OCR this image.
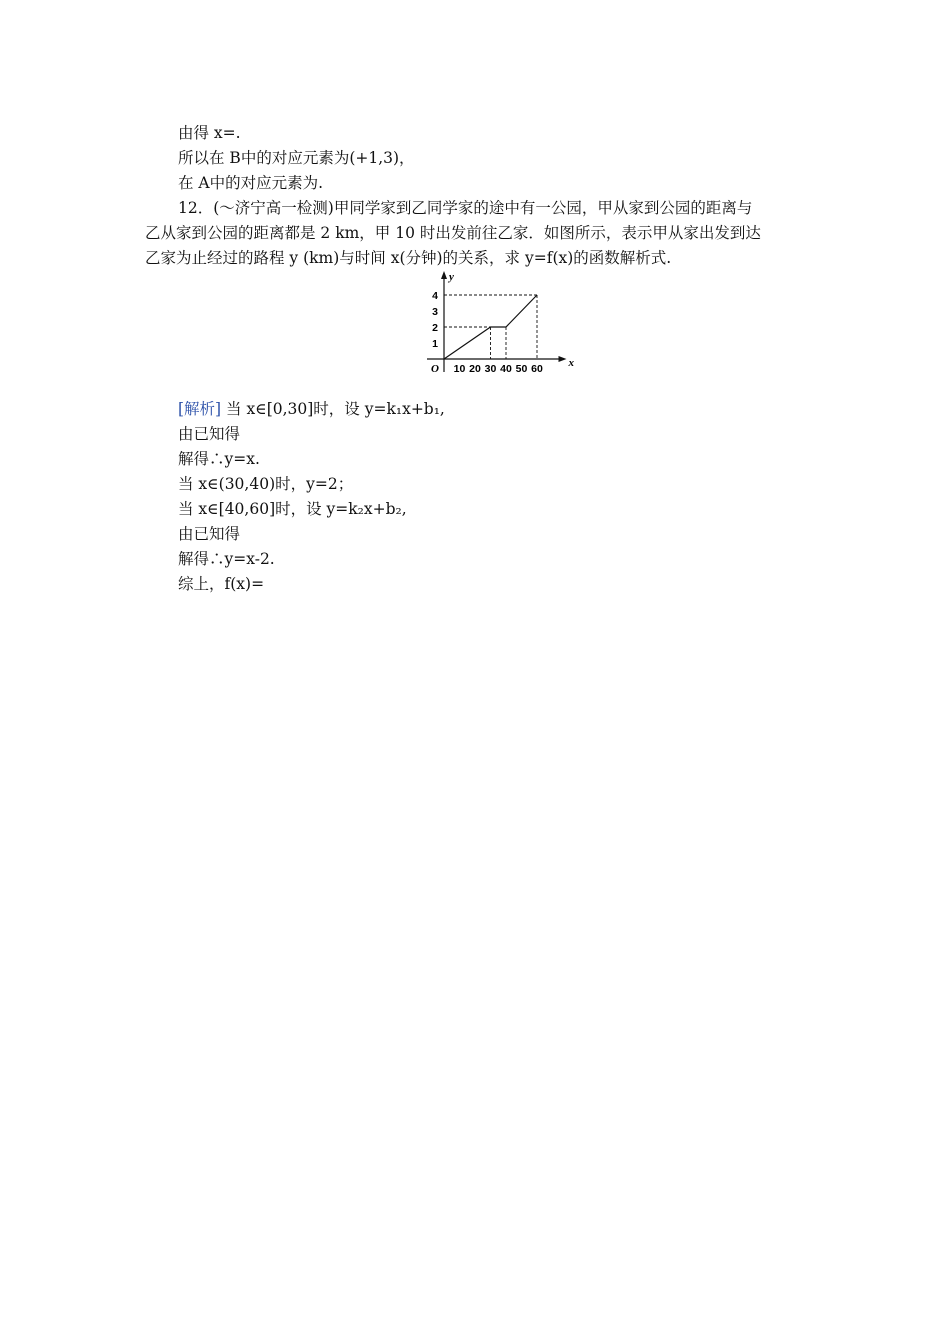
由得 x=.
所以在 B中的对应元素为(+1,3)，
在 A中的对应元素为.
12．(～济宁高一检测)甲同学家到乙同学家的途中有一公园，甲从家到公园的距离与
乙从家到公园的距离都是 2 km，甲 10 时出发前往乙家．如图所示，表示甲从家出发到达
乙家为止经过的路程 y (km)与时间 x(分钟)的关系，求 y=f(x)的函数解析式.
x
y
O 10 20 30 40 50 60
1
2
3
4
[解析] 当 x∈[0,30]时，设 y=k₁x+b₁,
由已知得
解得∴y=x.
当 x∈(30,40)时，y=2；
当 x∈[40,60]时，设 y=k₂x+b₂,
由已知得
解得∴y=x-2.
综上，f(x)=
